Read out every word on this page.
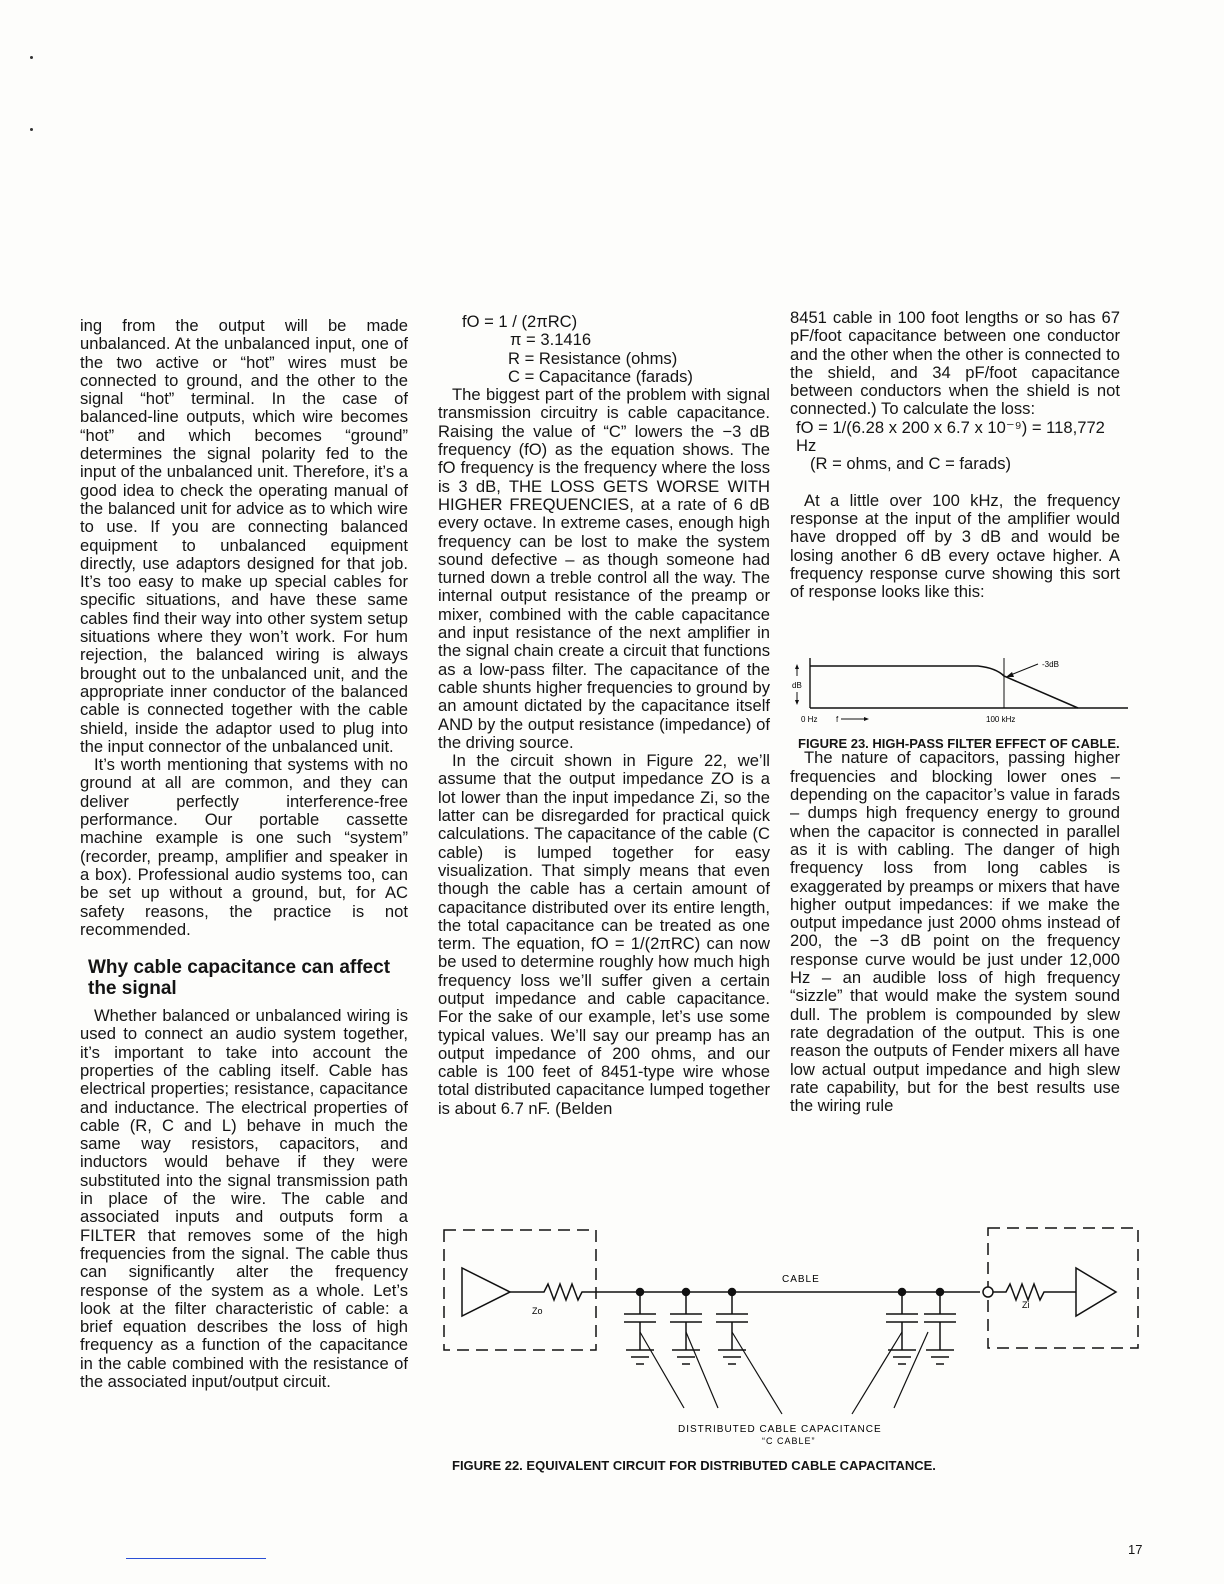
ing from the output will be made unbalanced. At the unbalanced input, one of the two active or “hot” wires must be connected to ground, and the other to the signal “hot” terminal. In the case of balanced-line outputs, which wire becomes “hot” and which becomes “ground” determines the signal polarity fed to the input of the unbalanced unit. Therefore, it’s a good idea to check the operating manual of the balanced unit for advice as to which wire to use. If you are connecting balanced equipment to unbalanced equipment directly, use adaptors designed for that job. It’s too easy to make up special cables for specific situations, and have these same cables find their way into other system setup situations where they won’t work. For hum rejection, the balanced wiring is always brought out to the unbalanced unit, and the appropriate inner conductor of the balanced cable is connected together with the cable shield, inside the adaptor used to plug into the input connector of the unbalanced unit.

It’s worth mentioning that systems with no ground at all are common, and they can deliver perfectly interference-free performance. Our portable cassette machine example is one such “system” (recorder, preamp, amplifier and speaker in a box). Professional audio systems too, can be set up without a ground, but, for AC safety reasons, the practice is not recommended.

Why cable capacitance can affect the signal

Whether balanced or unbalanced wiring is used to connect an audio system together, it’s important to take into account the properties of the cabling itself. Cable has electrical properties; resistance, capacitance and inductance. The electrical properties of cable (R, C and L) behave in much the same way resistors, capacitors, and inductors would behave if they were substituted into the signal transmission path in place of the wire. The cable and associated inputs and outputs form a FILTER that removes some of the high frequencies from the signal. The cable thus can significantly alter the frequency response of the system as a whole. Let’s look at the filter characteristic of cable: a brief equation describes the loss of high frequency as a function of the capacitance in the cable combined with the resistance of the associated input/output circuit.

fO = 1 / (2πRC)
π = 3.1416
R = Resistance (ohms)
C = Capacitance (farads)

The biggest part of the problem with signal transmission circuitry is cable capacitance. Raising the value of “C” lowers the −3 dB frequency (fO) as the equation shows. The fO frequency is the frequency where the loss is 3 dB, THE LOSS GETS WORSE WITH HIGHER FREQUENCIES, at a rate of 6 dB every octave. In extreme cases, enough high frequency can be lost to make the system sound defective – as though someone had turned down a treble control all the way. The internal output resistance of the preamp or mixer, combined with the cable capacitance and input resistance of the next amplifier in the signal chain create a circuit that functions as a low-pass filter. The capacitance of the cable shunts higher frequencies to ground by an amount dictated by the capacitance itself AND by the output resistance (impedance) of the driving source.

In the circuit shown in Figure 22, we’ll assume that the output impedance ZO is a lot lower than the input impedance Zi, so the latter can be disregarded for practical quick calculations. The capacitance of the cable (C cable) is lumped together for easy visualization. That simply means that even though the cable has a certain amount of capacitance distributed over its entire length, the total capacitance can be treated as one term. The equation, fO = 1/(2πRC) can now be used to determine roughly how much high frequency loss we’ll suffer given a certain output impedance and cable capacitance. For the sake of our example, let’s use some typical values. We’ll say our preamp has an output impedance of 200 ohms, and our cable is 100 feet of 8451-type wire whose total distributed capacitance lumped together is about 6.7 nF. (Belden

8451 cable in 100 foot lengths or so has 67 pF/foot capacitance between one conductor and the other when the other is connected to the shield, and 34 pF/foot capacitance between conductors when the shield is not connected.) To calculate the loss:

fO = 1/(6.28 x 200 x 6.7 x 10⁻⁹) = 118,772 Hz

(R = ohms, and C = farads)

At a little over 100 kHz, the frequency response at the input of the amplifier would have dropped off by 3 dB and would be losing another 6 dB every octave higher. A frequency response curve showing this sort of response looks like this:

The nature of capacitors, passing higher frequencies and blocking lower ones – depending on the capacitor’s value in farads – dumps high frequency energy to ground when the capacitor is connected in parallel as it is with cabling. The danger of high frequency loss from long cables is exaggerated by preamps or mixers that have higher output impedances: if we make the output impedance just 2000 ohms instead of 200, the −3 dB point on the frequency response curve would be just under 12,000 Hz – an audible loss of high frequency “sizzle” that would make the system sound dull. The problem is compounded by slew rate degradation of the output. This is one reason the outputs of Fender mixers all have low actual output impedance and high slew rate capability, but for the best results use the wiring rule

-3dB
dB
0 Hz f	100 kHz
FIGURE 23. HIGH-PASS FILTER EFFECT OF CABLE.
CABLE
Zo
Zi
DISTRIBUTED CABLE CAPACITANCE
“C CABLE”
FIGURE 22. EQUIVALENT CIRCUIT FOR DISTRIBUTED CABLE CAPACITANCE.
17
